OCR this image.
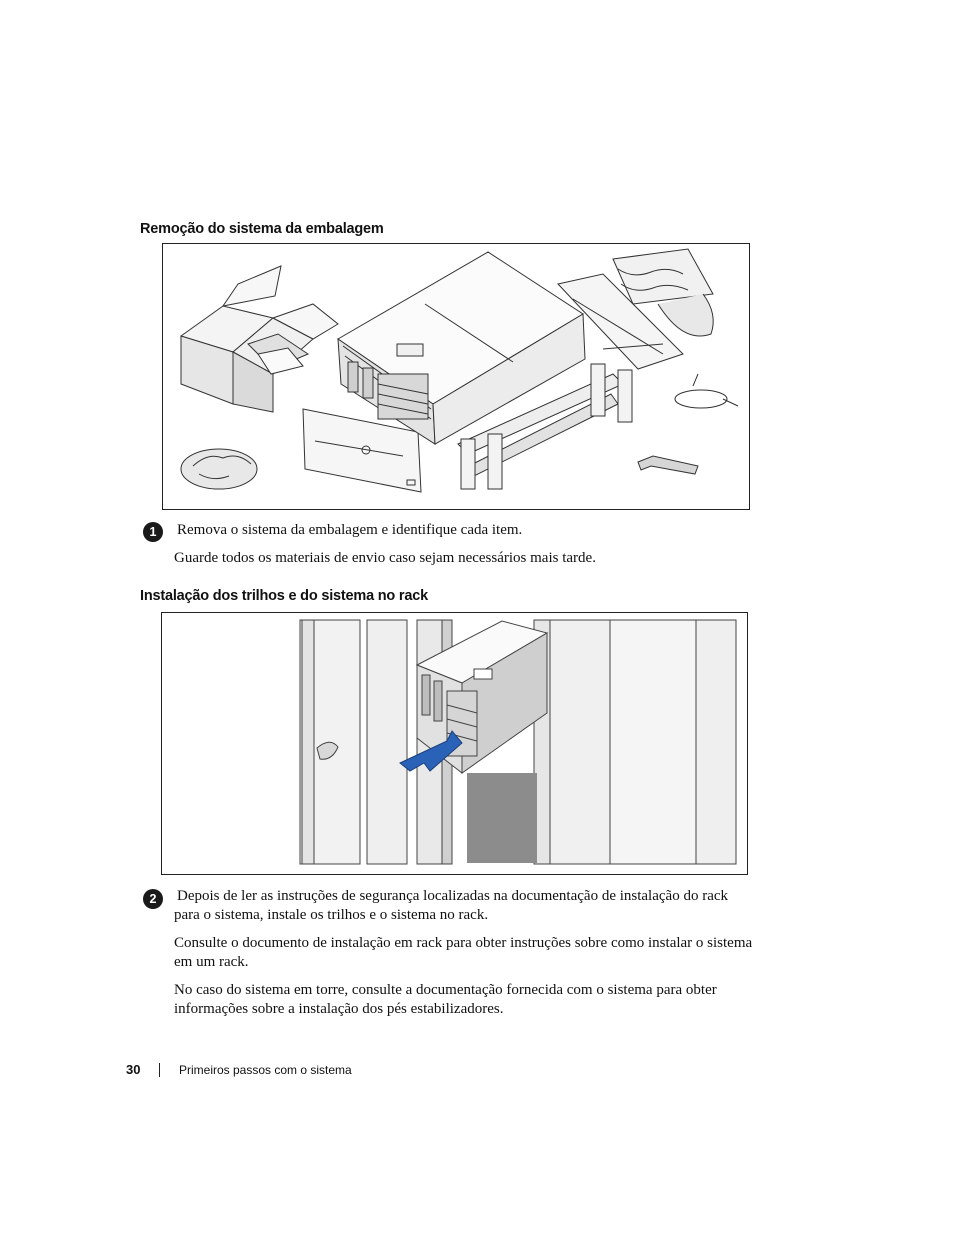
Remoção do sistema da embalagem
1	Remova o sistema da embalagem e identifique cada item.
Guarde todos os materiais de envio caso sejam necessários mais tarde.
Instalação dos trilhos e do sistema no rack
2	Depois de ler as instruções de segurança localizadas na documentação de instalação do rack
para o sistema, instale os trilhos e o sistema no rack.
Consulte o documento de instalação em rack para obter instruções sobre como instalar o sistema
em um rack.
No caso do sistema em torre, consulte a documentação fornecida com o sistema para obter
informações sobre a instalação dos pés estabilizadores.
30	Primeiros passos com o sistema
